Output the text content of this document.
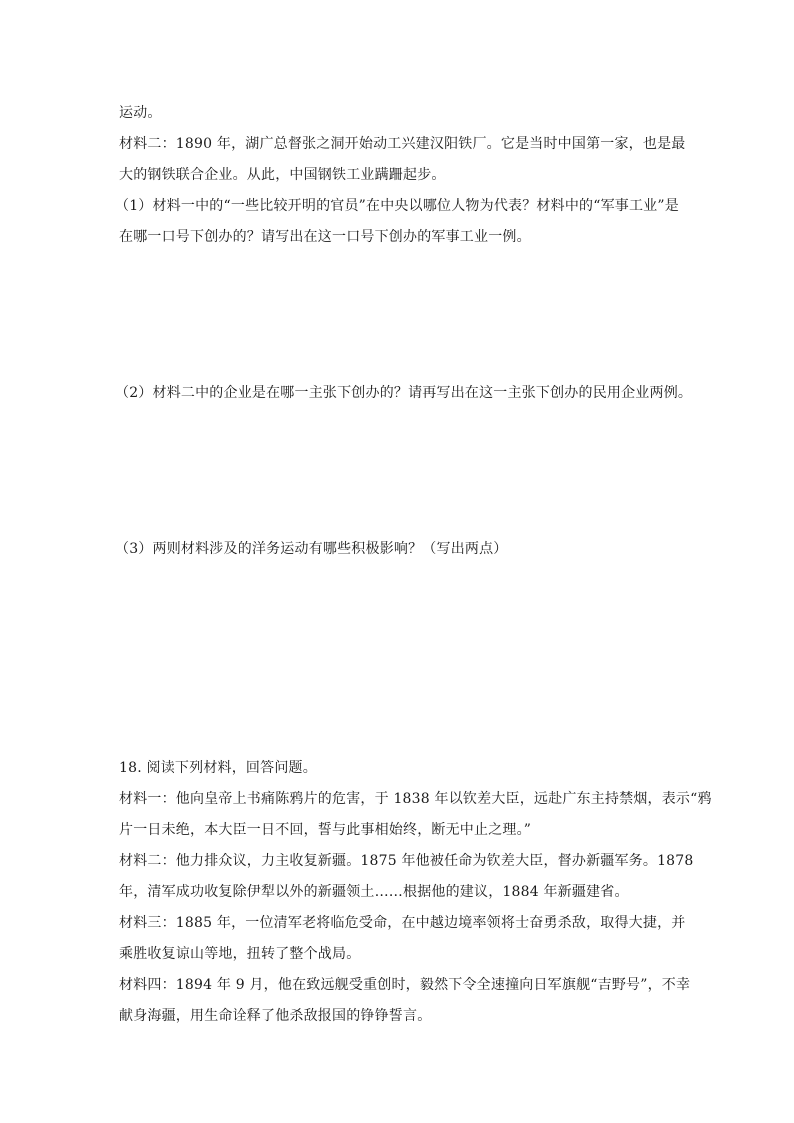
运动。
材料二：1890 年，湖广总督张之洞开始动工兴建汉阳铁厂。它是当时中国第一家，也是最
大的钢铁联合企业。从此，中国钢铁工业蹒跚起步。
（1）材料一中的“一些比较开明的官员”在中央以哪位人物为代表？材料中的“军事工业”是
在哪一口号下创办的？请写出在这一口号下创办的军事工业一例。
（2）材料二中的企业是在哪一主张下创办的？请再写出在这一主张下创办的民用企业两例。
（3）两则材料涉及的洋务运动有哪些积极影响？（写出两点）
18. 阅读下列材料，回答问题。
材料一：他向皇帝上书痛陈鸦片的危害，于 1838 年以钦差大臣，远赴广东主持禁烟，表示“鸦
片一日未绝，本大臣一日不回，誓与此事相始终，断无中止之理。”
材料二：他力排众议，力主收复新疆。1875 年他被任命为钦差大臣，督办新疆军务。1878
年，清军成功收复除伊犁以外的新疆领土……根据他的建议，1884 年新疆建省。
材料三：1885 年，一位清军老将临危受命，在中越边境率领将士奋勇杀敌，取得大捷，并
乘胜收复谅山等地，扭转了整个战局。
材料四：1894 年 9 月，他在致远舰受重创时，毅然下令全速撞向日军旗舰“吉野号”，不幸
献身海疆，用生命诠释了他杀敌报国的铮铮誓言。
